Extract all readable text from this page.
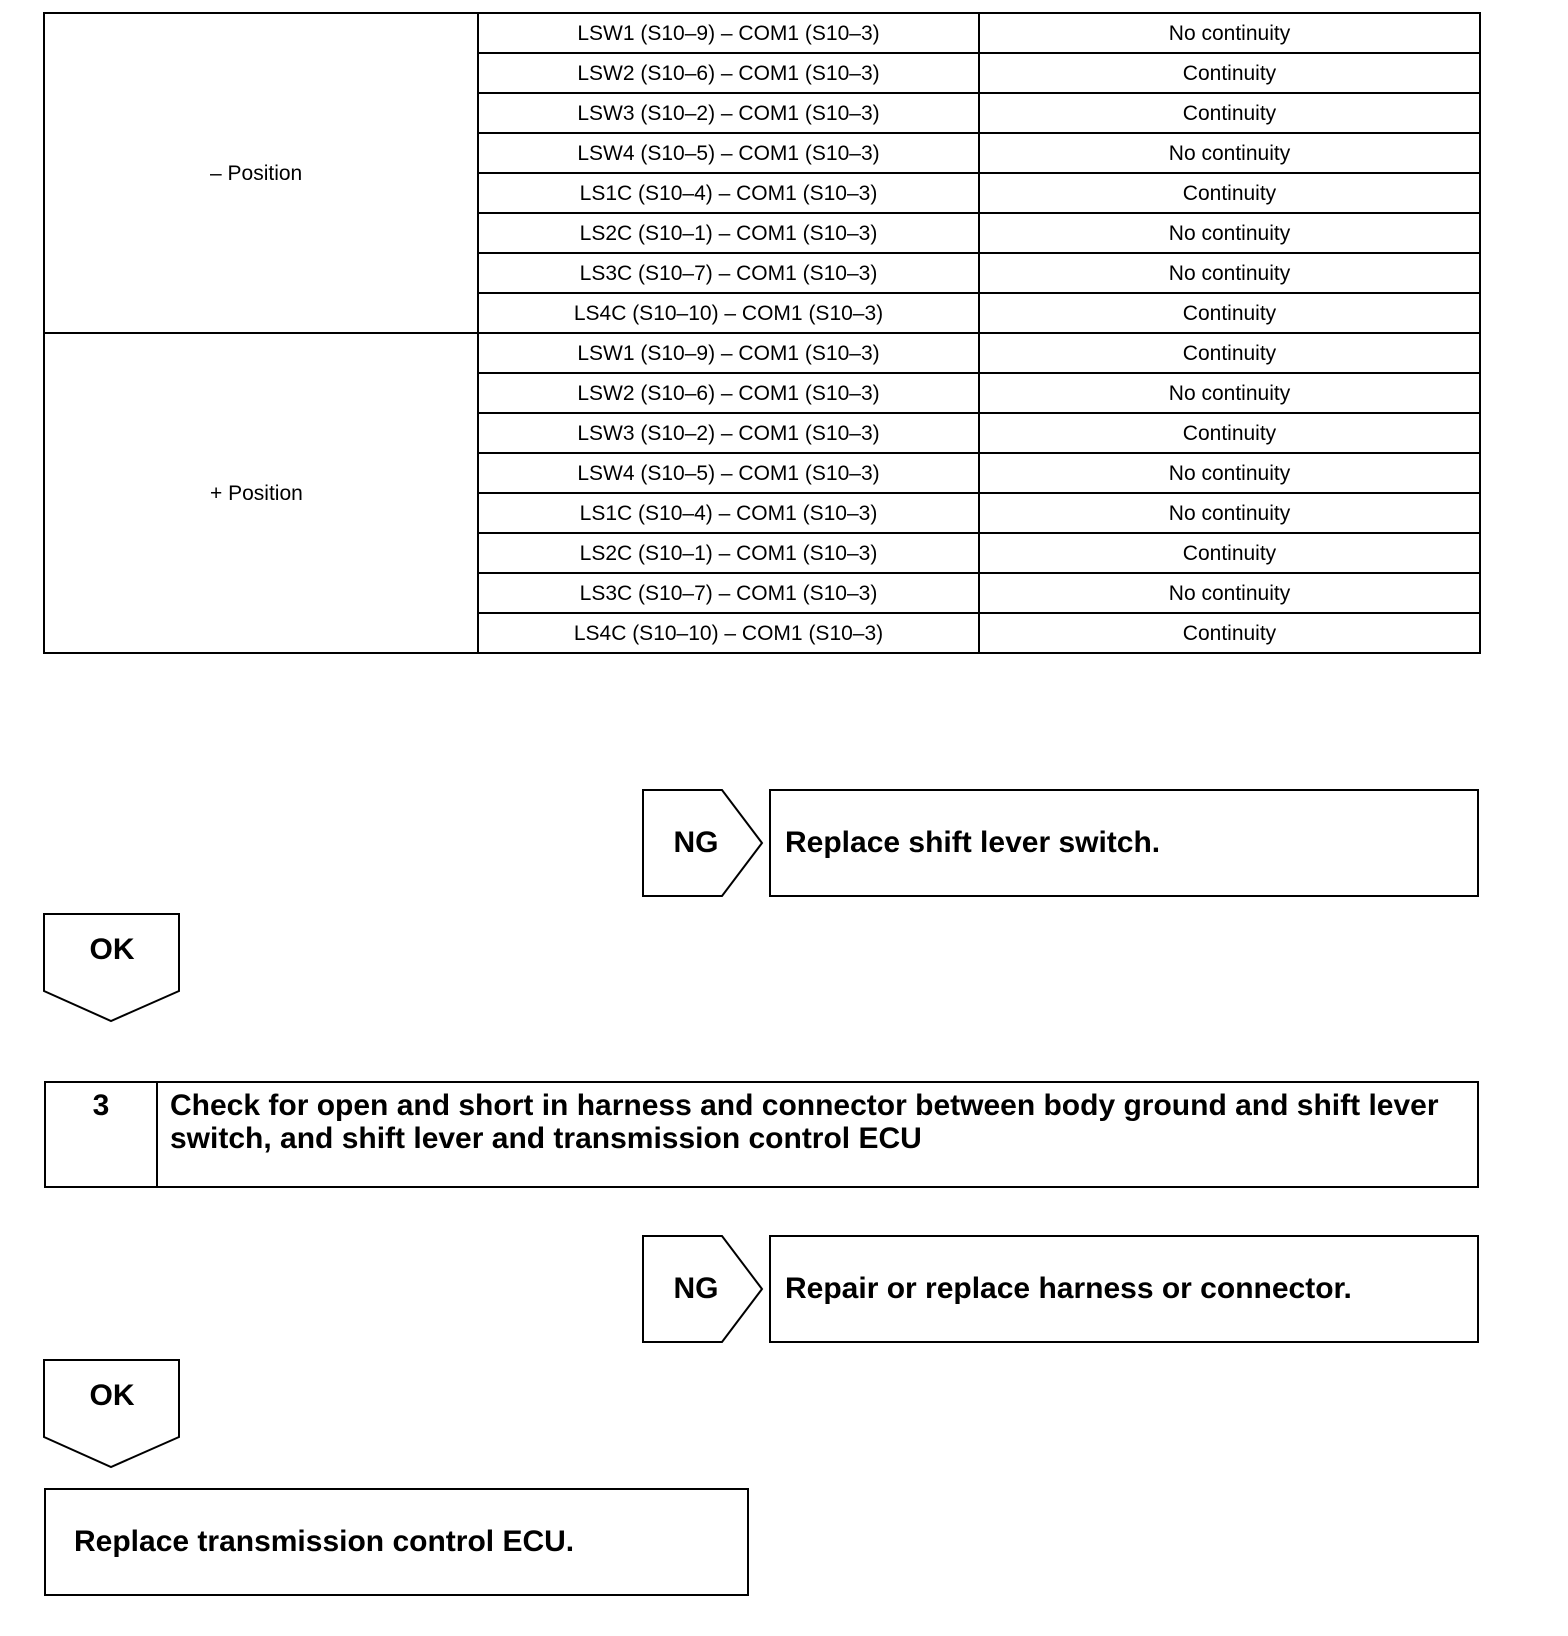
– Position	LSW1 (S10–9) – COM1 (S10–3)	No continuity
	LSW2 (S10–6) – COM1 (S10–3)	Continuity
	LSW3 (S10–2) – COM1 (S10–3)	Continuity
	LSW4 (S10–5) – COM1 (S10–3)	No continuity
	LS1C (S10–4) – COM1 (S10–3)	Continuity
	LS2C (S10–1) – COM1 (S10–3)	No continuity
	LS3C (S10–7) – COM1 (S10–3)	No continuity
	LS4C (S10–10) – COM1 (S10–3)	Continuity
+ Position	LSW1 (S10–9) – COM1 (S10–3)	Continuity
	LSW2 (S10–6) – COM1 (S10–3)	No continuity
	LSW3 (S10–2) – COM1 (S10–3)	Continuity
	LSW4 (S10–5) – COM1 (S10–3)	No continuity
	LS1C (S10–4) – COM1 (S10–3)	No continuity
	LS2C (S10–1) – COM1 (S10–3)	Continuity
	LS3C (S10–7) – COM1 (S10–3)	No continuity
	LS4C (S10–10) – COM1 (S10–3)	Continuity
NG	Replace shift lever switch.
OK
3	Check for open and short in harness and connector between body ground and shift lever switch, and shift lever and transmission control ECU
NG	Repair or replace harness or connector.
OK
Replace transmission control ECU.
